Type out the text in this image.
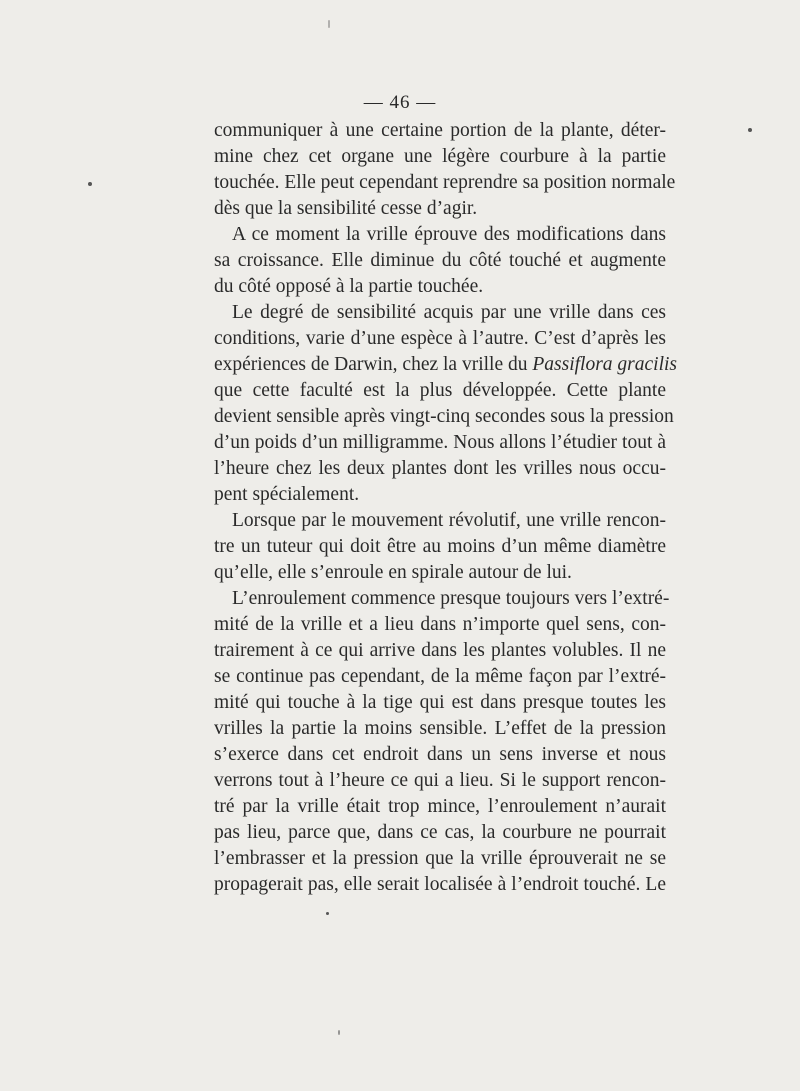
— 46 —
communiquer à une certaine portion de la plante, déter-
mine chez cet organe une légère courbure à la partie
touchée. Elle peut cependant reprendre sa position normale
dès que la sensibilité cesse d’agir.
A ce moment la vrille éprouve des modifications dans
sa croissance. Elle diminue du côté touché et augmente
du côté opposé à la partie touchée.
Le degré de sensibilité acquis par une vrille dans ces
conditions, varie d’une espèce à l’autre. C’est d’après les
expériences de Darwin, chez la vrille du Passiflora gracilis
que cette faculté est la plus développée. Cette plante
devient sensible après vingt-cinq secondes sous la pression
d’un poids d’un milligramme. Nous allons l’étudier tout à
l’heure chez les deux plantes dont les vrilles nous occu-
pent spécialement.
Lorsque par le mouvement révolutif, une vrille rencon-
tre un tuteur qui doit être au moins d’un même diamètre
qu’elle, elle s’enroule en spirale autour de lui.
L’enroulement commence presque toujours vers l’extré-
mité de la vrille et a lieu dans n’importe quel sens, con-
trairement à ce qui arrive dans les plantes volubles. Il ne
se continue pas cependant, de la même façon par l’extré-
mité qui touche à la tige qui est dans presque toutes les
vrilles la partie la moins sensible. L’effet de la pression
s’exerce dans cet endroit dans un sens inverse et nous
verrons tout à l’heure ce qui a lieu. Si le support rencon-
tré par la vrille était trop mince, l’enroulement n’aurait
pas lieu, parce que, dans ce cas, la courbure ne pourrait
l’embrasser et la pression que la vrille éprouverait ne se
propagerait pas, elle serait localisée à l’endroit touché. Le
